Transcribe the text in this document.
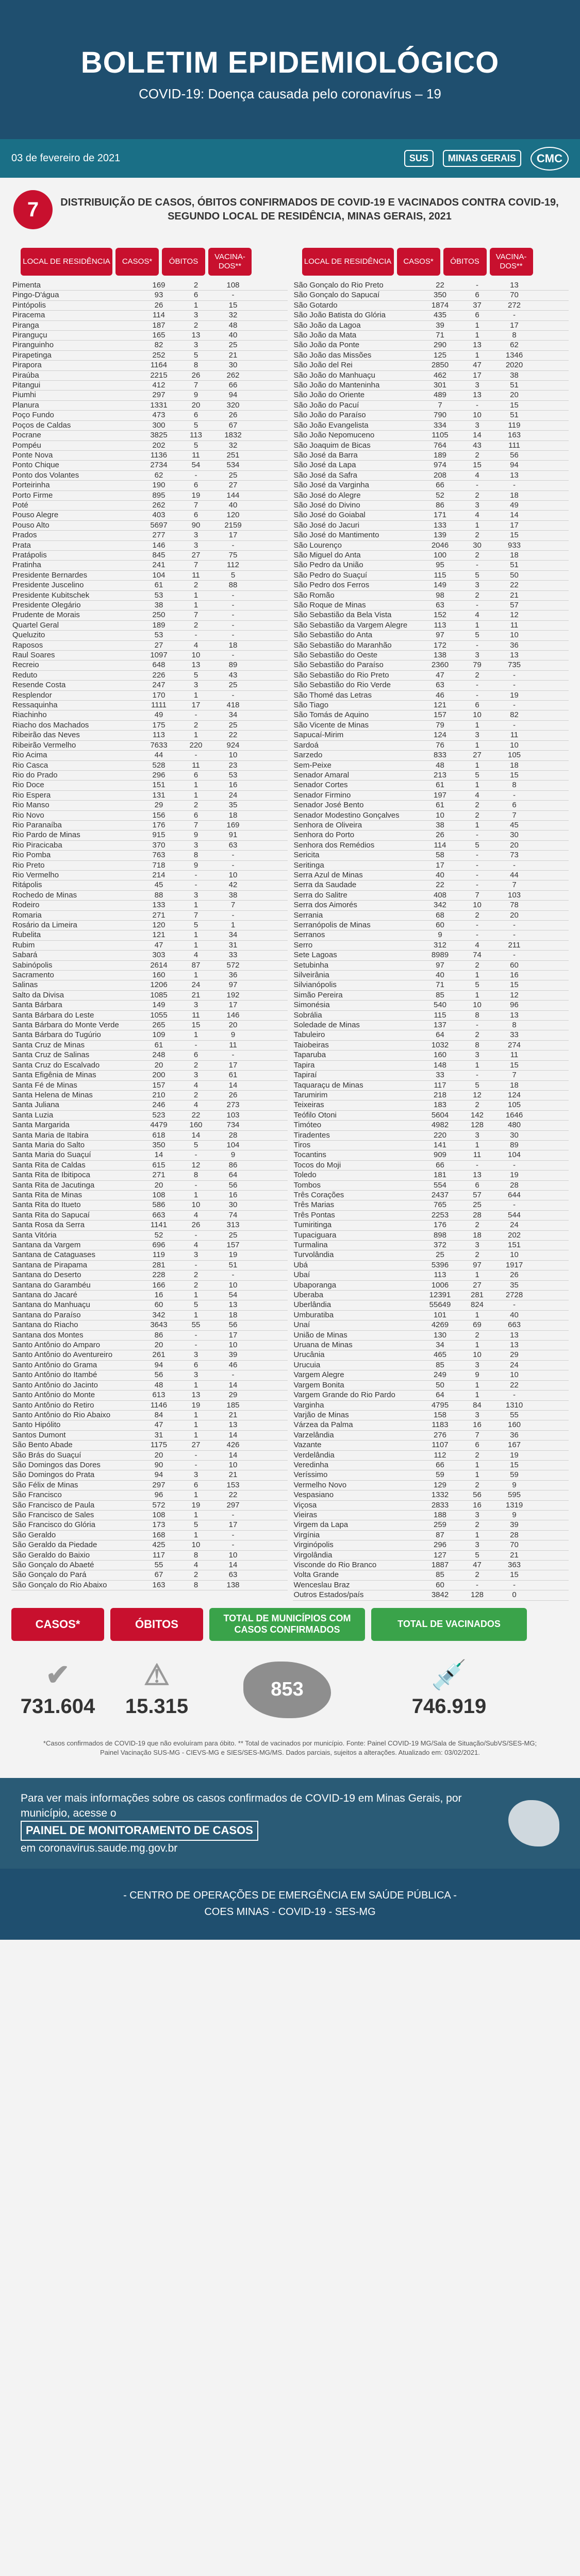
BOLETIM EPIDEMIOLÓGICO
COVID-19: Doença causada pelo coronavírus – 19
03 de fevereiro de 2021	SUS	MINAS GERAIS	CMC
7	DISTRIBUIÇÃO DE CASOS, ÓBITOS CONFIRMADOS DE COVID-19 E VACINADOS CONTRA COVID-19, SEGUNDO LOCAL DE RESIDÊNCIA, MINAS GERAIS, 2021
LOCAL DE RESIDÊNCIA	CASOS*	ÓBITOS
VACINA-DOS**
Pimenta	169	2	108
Pingo-D'água	93	6	-
Pintópolis	26	1	15
Piracema	114	3	32
Piranga	187	2	48
Piranguçu	165	13	40
Piranguinho	82	3	25
Pirapetinga	252	5	21
Pirapora	1164	8	30
Piraúba	2215	26	262
Pitangui	412	7	66
Piumhi	297	9	94
Planura	1331	20	320
Poço Fundo	473	6	26
Poços de Caldas	300	5	67
Pocrane	3825	113	1832
Pompéu	202	5	32
Ponte Nova	1136	11	251
Ponto Chique	2734	54	534
Ponto dos Volantes	62	-	25
Porteirinha	190	6	27
Porto Firme	895	19	144
Poté	262	7	40
Pouso Alegre	403	6	120
Pouso Alto	5697	90	2159
Prados	277	3	17
Prata	146	3	-
Pratápolis	845	27	75
Pratinha	241	7	112
Presidente Bernardes	104	11	5
Presidente Juscelino	61	2	88
Presidente Kubitschek	53	1	-
Presidente Olegário	38	1	-
Prudente de Morais	250	7	-
Quartel Geral	189	2	-
Queluzito	53	-	-
Raposos	27	4	18
Raul Soares	1097	10	-
Recreio	648	13	89
Reduto	226	5	43
Resende Costa	247	3	25
Resplendor	170	1	-
Ressaquinha	1111	17	418
Riachinho	49	-	34
Riacho dos Machados	175	2	25
Ribeirão das Neves	113	1	22
Ribeirão Vermelho	7633	220	924
Rio Acima	44	-	10
Rio Casca	528	11	23
Rio do Prado	296	6	53
Rio Doce	151	1	16
Rio Espera	131	1	24
Rio Manso	29	2	35
Rio Novo	156	6	18
Rio Paranaíba	176	7	169
Rio Pardo de Minas	915	9	91
Rio Piracicaba	370	3	63
Rio Pomba	763	8	-
Rio Preto	718	9	-
Rio Vermelho	214	-	10
Ritápolis	45	-	42
Rochedo de Minas	88	3	38
Rodeiro	133	1	7
Romaria	271	7	-
Rosário da Limeira	120	5	1
Rubelita	121	1	34
Rubim	47	1	31
Sabará	303	4	33
Sabinópolis	2614	87	572
Sacramento	160	1	36
Salinas	1206	24	97
Salto da Divisa	1085	21	192
Santa Bárbara	149	3	17
Santa Bárbara do Leste	1055	11	146
Santa Bárbara do Monte Verde	265	15	20
Santa Bárbara do Tugúrio	109	1	9
Santa Cruz de Minas	61	-	11
Santa Cruz de Salinas	248	6	-
Santa Cruz do Escalvado	20	2	17
Santa Efigênia de Minas	200	3	61
Santa Fé de Minas	157	4	14
Santa Helena de Minas	210	2	26
Santa Juliana	246	4	273
Santa Luzia	523	22	103
Santa Margarida	4479	160	734
Santa Maria de Itabira	618	14	28
Santa Maria do Salto	350	5	104
Santa Maria do Suaçuí	14	-	9
Santa Rita de Caldas	615	12	86
Santa Rita de Ibitipoca	271	8	64
Santa Rita de Jacutinga	20	-	56
Santa Rita de Minas	108	1	16
Santa Rita do Itueto	586	10	30
Santa Rita do Sapucaí	663	4	74
Santa Rosa da Serra	1141	26	313
Santa Vitória	52	-	25
Santana da Vargem	696	4	157
Santana de Cataguases	119	3	19
Santana de Pirapama	281	-	51
Santana do Deserto	228	2	-
Santana do Garambéu	166	2	10
Santana do Jacaré	16	1	54
Santana do Manhuaçu	60	5	13
Santana do Paraíso	342	1	18
Santana do Riacho	3643	55	56
Santana dos Montes	86	-	17
Santo Antônio do Amparo	20	-	10
Santo Antônio do Aventureiro	261	3	39
Santo Antônio do Grama	94	6	46
Santo Antônio do Itambé	56	3	-
Santo Antônio do Jacinto	48	1	14
Santo Antônio do Monte	613	13	29
Santo Antônio do Retiro	1146	19	185
Santo Antônio do Rio Abaixo	84	1	21
Santo Hipólito	47	1	13
Santos Dumont	31	1	14
São Bento Abade	1175	27	426
São Brás do Suaçuí	20	-	14
São Domingos das Dores	90	-	10
São Domingos do Prata	94	3	21
São Félix de Minas	297	6	153
São Francisco	96	1	22
São Francisco de Paula	572	19	297
São Francisco de Sales	108	1	-
São Francisco do Glória	173	5	17
São Geraldo	168	1	-
São Geraldo da Piedade	425	10	-
São Geraldo do Baixio	117	8	10
São Gonçalo do Abaeté	55	4	14
São Gonçalo do Pará	67	2	63
São Gonçalo do Rio Abaixo	163	8	138
LOCAL DE RESIDÊNCIA	CASOS*	ÓBITOS
VACINA-DOS**
São Gonçalo do Rio Preto	22	-	13
São Gonçalo do Sapucaí	350	6	70
São Gotardo	1874	37	272
São João Batista do Glória	435	6	-
São João da Lagoa	39	1	17
São João da Mata	71	1	8
São João da Ponte	290	13	62
São João das Missões	125	1	1346
São João del Rei	2850	47	2020
São João do Manhuaçu	462	17	38
São João do Manteninha	301	3	51
São João do Oriente	489	13	20
São João do Pacuí	7	-	15
São João do Paraíso	790	10	51
São João Evangelista	334	3	119
São João Nepomuceno	1105	14	163
São Joaquim de Bicas	764	43	111
São José da Barra	189	2	56
São José da Lapa	974	15	94
São José da Safra	208	4	13
São José da Varginha	66	-	-
São José do Alegre	52	2	18
São José do Divino	86	3	49
São José do Goiabal	171	4	14
São José do Jacuri	133	1	17
São José do Mantimento	139	2	15
São Lourenço	2046	30	933
São Miguel do Anta	100	2	18
São Pedro da União	95	-	51
São Pedro do Suaçuí	115	5	50
São Pedro dos Ferros	149	3	22
São Romão	98	2	21
São Roque de Minas	63	-	57
São Sebastião da Bela Vista	152	4	12
São Sebastião da Vargem Alegre	113	1	11
São Sebastião do Anta	97	5	10
São Sebastião do Maranhão	172	-	36
São Sebastião do Oeste	138	3	13
São Sebastião do Paraíso	2360	79	735
São Sebastião do Rio Preto	47	2	-
São Sebastião do Rio Verde	63	-	-
São Thomé das Letras	46	-	19
São Tiago	121	6	-
São Tomás de Aquino	157	10	82
São Vicente de Minas	79	1	-
Sapucaí-Mirim	124	3	11
Sardoá	76	1	10
Sarzedo	833	27	105
Sem-Peixe	48	1	18
Senador Amaral	213	5	15
Senador Cortes	61	1	8
Senador Firmino	197	4	-
Senador José Bento	61	2	6
Senador Modestino Gonçalves	10	2	7
Senhora de Oliveira	38	1	45
Senhora do Porto	26	-	30
Senhora dos Remédios	114	5	20
Sericita	58	-	73
Seritinga	17	-	-
Serra Azul de Minas	40	-	44
Serra da Saudade	22	-	7
Serra do Salitre	408	7	103
Serra dos Aimorés	342	10	78
Serrania	68	2	20
Serranópolis de Minas	60	-	-
Serranos	9	-	-
Serro	312	4	211
Sete Lagoas	8989	74	-
Setubinha	97	2	60
Silveirânia	40	1	16
Silvianópolis	71	5	15
Simão Pereira	85	1	12
Simonésia	540	10	96
Sobrália	115	8	13
Soledade de Minas	137	-	8
Tabuleiro	64	2	33
Taiobeiras	1032	8	274
Taparuba	160	3	11
Tapira	148	1	15
Tapiraí	33	-	7
Taquaraçu de Minas	117	5	18
Tarumirim	218	12	124
Teixeiras	183	2	105
Teófilo Otoni	5604	142	1646
Timóteo	4982	128	480
Tiradentes	220	3	30
Tiros	141	1	89
Tocantins	909	11	104
Tocos do Moji	66	-	-
Toledo	181	13	19
Tombos	554	6	28
Três Corações	2437	57	644
Três Marias	765	25	-
Três Pontas	2253	28	544
Tumiritinga	176	2	24
Tupaciguara	898	18	202
Turmalina	372	3	151
Turvolândia	25	2	10
Ubá	5396	97	1917
Ubaí	113	1	26
Ubaporanga	1006	27	35
Uberaba	12391	281	2728
Uberlândia	55649	824	-
Umburatiba	101	1	40
Unaí	4269	69	663
União de Minas	130	2	13
Uruana de Minas	34	1	13
Urucânia	465	10	29
Urucuia	85	3	24
Vargem Alegre	249	9	10
Vargem Bonita	50	1	22
Vargem Grande do Rio Pardo	64	1	-
Varginha	4795	84	1310
Varjão de Minas	158	3	55
Várzea da Palma	1183	16	160
Varzelândia	276	7	36
Vazante	1107	6	167
Verdelândia	112	2	19
Veredinha	66	1	15
Veríssimo	59	1	59
Vermelho Novo	129	2	9
Vespasiano	1332	56	595
Viçosa	2833	16	1319
Vieiras	188	3	9
Virgem da Lapa	259	2	39
Virgínia	87	1	28
Virginópolis	296	3	70
Virgolândia	127	5	21
Visconde do Rio Branco	1887	47	363
Volta Grande	85	2	15
Wenceslau Braz	60	-	-
Outros Estados/país	3842	128	0
CASOS*	ÓBITOS	TOTAL DE MUNICÍPIOS COM CASOS CONFIRMADOS
TOTAL DE VACINADOS
✔
731.604
⚠
15.315
853	💉
746.919
*Casos confirmados de COVID-19 que não evoluíram para óbito. ** Total de vacinados por município. Fonte: Painel COVID-19 MG/Sala de Situação/SubVS/SES-MG; Painel Vacinação SUS-MG - CIEVS-MG e SIES/SES-MG/MS. Dados parciais, sujeitos a alterações. Atualizado em: 03/02/2021.
Para ver mais informações sobre os casos confirmados de COVID-19 em Minas Gerais, por município, acesse o
PAINEL DE MONITORAMENTO DE CASOS
em coronavirus.saude.mg.gov.br
- CENTRO DE OPERAÇÕES DE EMERGÊNCIA EM SAÚDE PÚBLICA -
COES MINAS - COVID-19 - SES-MG
